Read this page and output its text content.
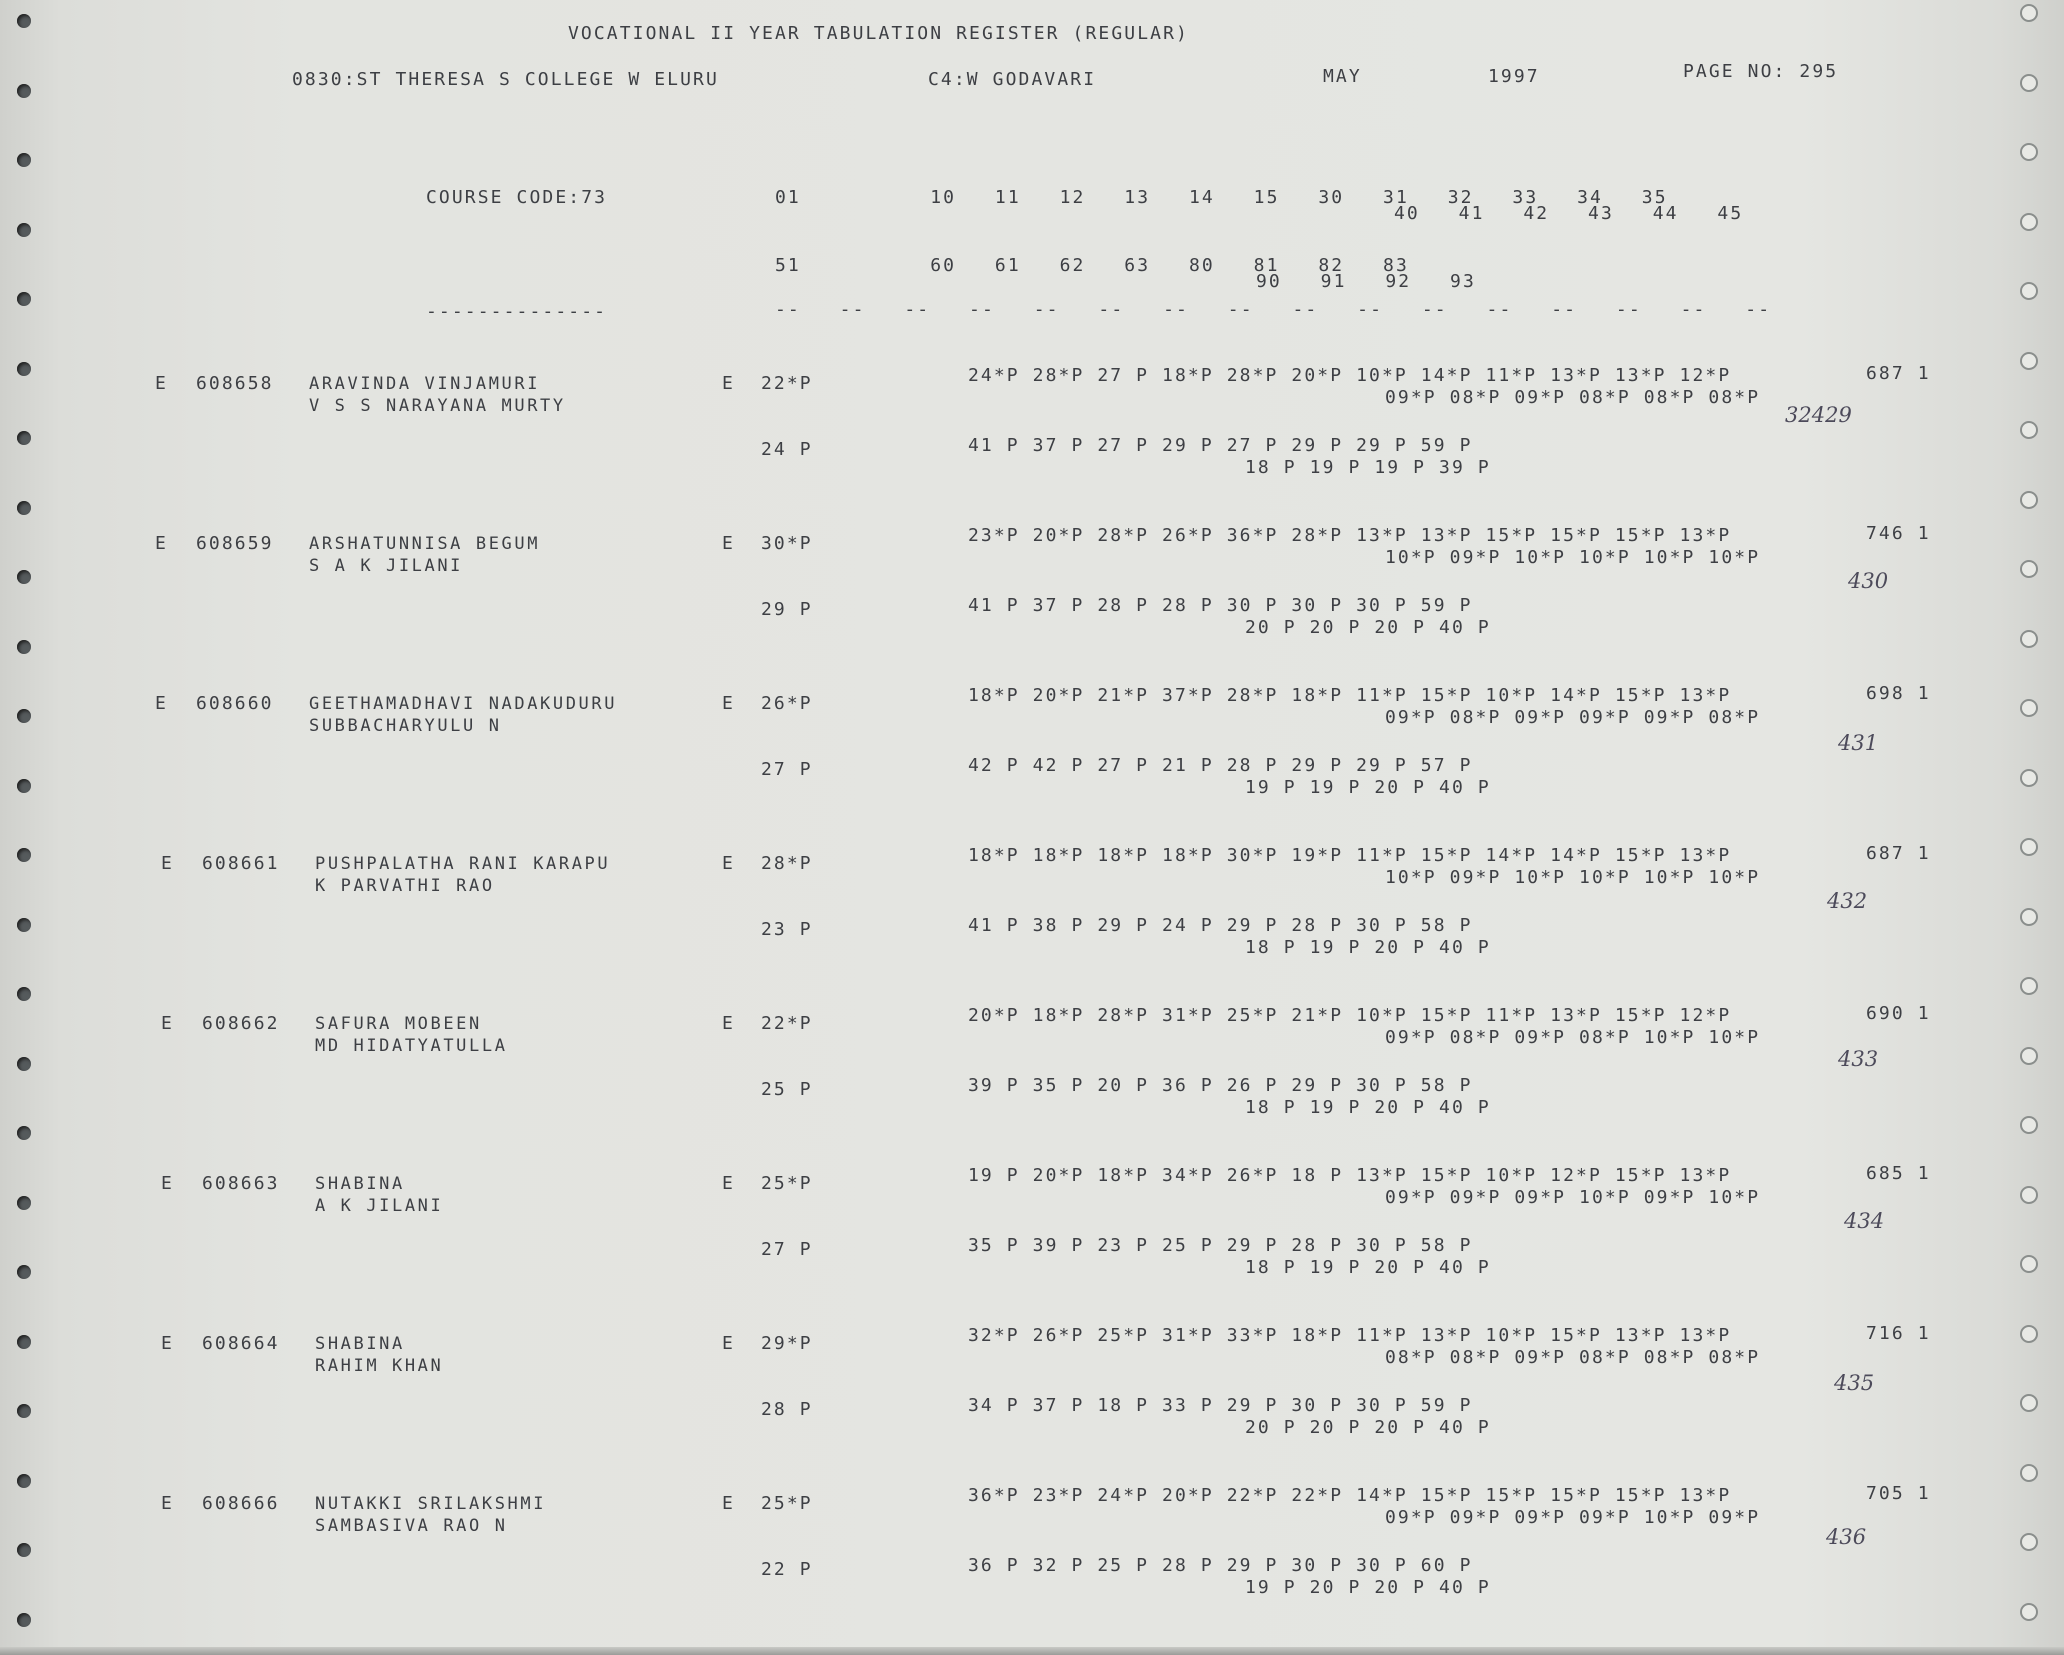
VOCATIONAL II YEAR TABULATION REGISTER (REGULAR)
0830:ST THERESA S COLLEGE W ELURU	C4:W GODAVARI	MAY	1997	PAGE NO: 295
COURSE CODE:73	01          10   11   12   13   14   15   30   31   32   33   34   35
40   41   42   43   44   45
51          60   61   62   63   80   81   82   83
90   91   92   93
--------------	--   --   --   --   --   --   --   --   --   --   --   --   --   --   --   --
E 608658 ARAVINDA VINJAMURI
V S S NARAYANA MURTY
E 22*P	24*P 28*P 27 P 18*P 28*P 20*P 10*P 14*P 11*P 13*P 13*P 12*P
09*P 08*P 09*P 08*P 08*P 08*P
687 1
24 P	41 P 37 P 27 P 29 P 27 P 29 P 29 P 59 P
18 P 19 P 19 P 39 P
32429
E 608659 ARSHATUNNISA BEGUM
S A K JILANI
E 30*P	23*P 20*P 28*P 26*P 36*P 28*P 13*P 13*P 15*P 15*P 15*P 13*P
10*P 09*P 10*P 10*P 10*P 10*P
746 1
29 P	41 P 37 P 28 P 28 P 30 P 30 P 30 P 59 P
20 P 20 P 20 P 40 P
430
E 608660 GEETHAMADHAVI NADAKUDURU
SUBBACHARYULU N
E 26*P	18*P 20*P 21*P 37*P 28*P 18*P 11*P 15*P 10*P 14*P 15*P 13*P
09*P 08*P 09*P 09*P 09*P 08*P
698 1
27 P	42 P 42 P 27 P 21 P 28 P 29 P 29 P 57 P
19 P 19 P 20 P 40 P
431
E 608661 PUSHPALATHA RANI KARAPU
K PARVATHI RAO
E 28*P	18*P 18*P 18*P 18*P 30*P 19*P 11*P 15*P 14*P 14*P 15*P 13*P
10*P 09*P 10*P 10*P 10*P 10*P
687 1
23 P	41 P 38 P 29 P 24 P 29 P 28 P 30 P 58 P
18 P 19 P 20 P 40 P
432
E 608662 SAFURA MOBEEN
MD HIDATYATULLA
E 22*P	20*P 18*P 28*P 31*P 25*P 21*P 10*P 15*P 11*P 13*P 15*P 12*P
09*P 08*P 09*P 08*P 10*P 10*P
690 1
25 P	39 P 35 P 20 P 36 P 26 P 29 P 30 P 58 P
18 P 19 P 20 P 40 P
433
E 608663 SHABINA
A K JILANI
E 25*P	19 P 20*P 18*P 34*P 26*P 18 P 13*P 15*P 10*P 12*P 15*P 13*P
09*P 09*P 09*P 10*P 09*P 10*P
685 1
27 P	35 P 39 P 23 P 25 P 29 P 28 P 30 P 58 P
18 P 19 P 20 P 40 P
434
E 608664 SHABINA
RAHIM KHAN
E 29*P	32*P 26*P 25*P 31*P 33*P 18*P 11*P 13*P 10*P 15*P 13*P 13*P
08*P 08*P 09*P 08*P 08*P 08*P
716 1
28 P	34 P 37 P 18 P 33 P 29 P 30 P 30 P 59 P
20 P 20 P 20 P 40 P
435
E 608666 NUTAKKI SRILAKSHMI
SAMBASIVA RAO N
E 25*P	36*P 23*P 24*P 20*P 22*P 22*P 14*P 15*P 15*P 15*P 15*P 13*P
09*P 09*P 09*P 09*P 10*P 09*P
705 1
22 P	36 P 32 P 25 P 28 P 29 P 30 P 30 P 60 P
19 P 20 P 20 P 40 P
436
